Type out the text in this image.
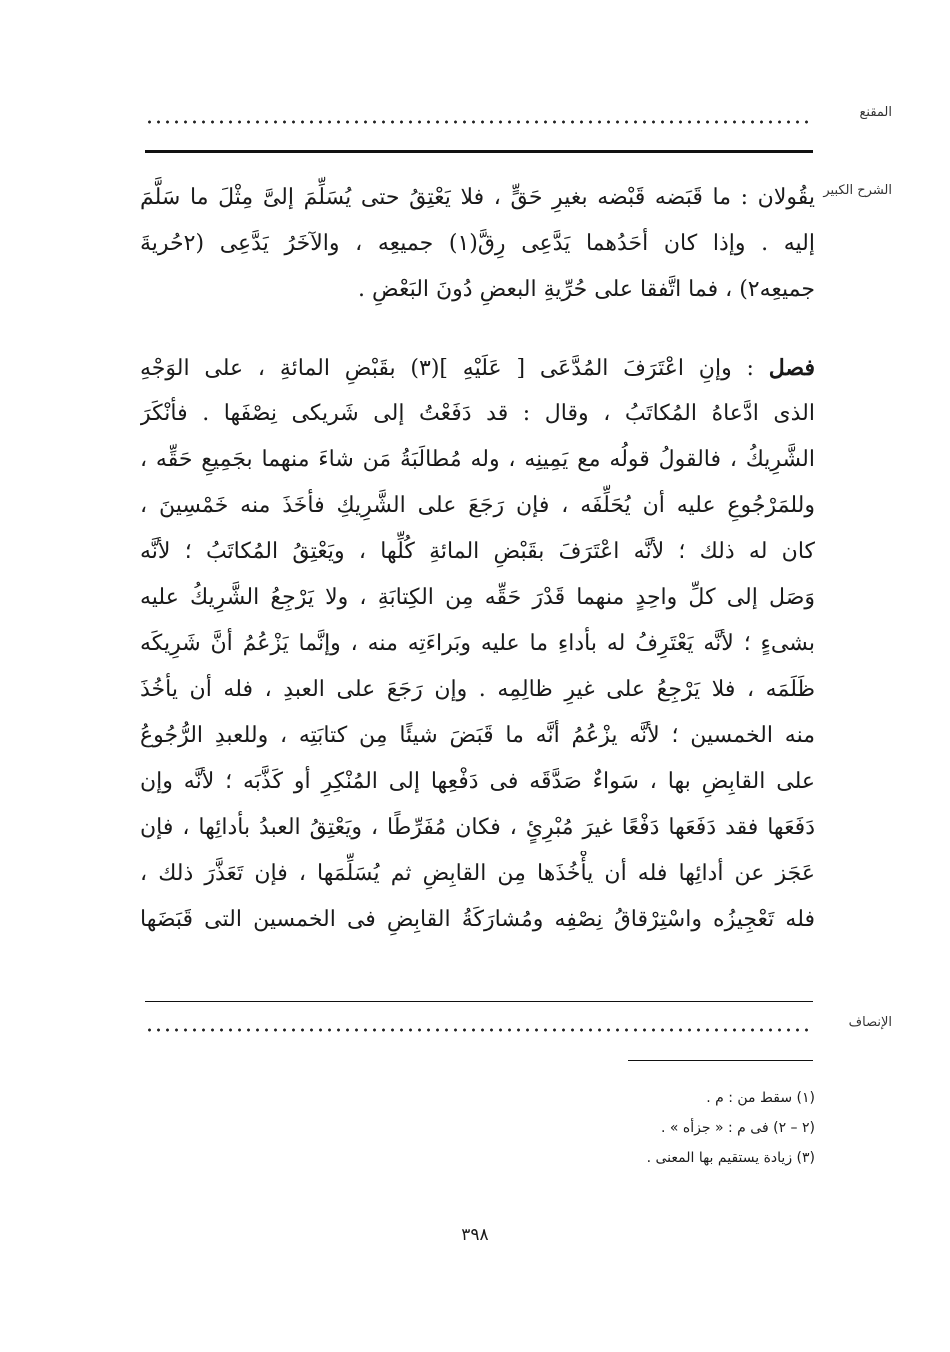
المقنع
الشرح الكبير
يقُولان : ما قَبَضه قَبْضه بغيرِ حَقٍّ ، فلا يَعْتِقُ حتى يُسَلِّمَ إلىَّ مِثْلَ ما سَلَّمَ
إليه . وإذا كان أحَدُهما يَدَّعِى رِقَّ(١) جميعِه ، والآخَرُ يَدَّعِى (٢حُريةَ
جميعِه٢) ، فما اتَّفقا على حُرِّيةِ البعضِ دُونَ البَعْضِ .
فصل : وإنِ اعْتَرَفَ المُدَّعَى [ عَلَيْهِ ](٣) بقَبْضِ المائةِ ، على الوَجْهِ
الذى ادَّعاهُ المُكاتَبُ ، وقال : قد دَفَعْتُ إلى شَريكى نِصْفَها . فأنْكَرَ
الشَّرِيكُ ، فالقولُ قولُه مع يَمِينِه ، وله مُطالَبَةُ مَن شاءَ منهما بجَمِيعِ حَقِّه ،
وللمَرْجُوعِ عليه أن يُحَلِّفَه ، فإن رَجَعَ على الشَّرِيكِ فأخَذَ منه خَمْسِينَ ،
كان له ذلك ؛ لأنَّه اعْتَرَفَ بقَبْضِ المائةِ كُلِّها ، ويَعْتِقُ المُكاتَبُ ؛ لأنَّه
وَصَل إلى كلِّ واحِدٍ منهما قَدْرَ حَقِّه مِن الكِتابَةِ ، ولا يَرْجِعُ الشَّرِيكُ عليه
بشىءٍ ؛ لأنَّه يَعْتَرِفُ له بأداءِ ما عليه وبَراءَتِه منه ، وإنَّما يَزْعُمُ أنَّ شَرِيكَه
ظَلَمَه ، فلا يَرْجِعُ على غيرِ ظالِمِه . وإن رَجَعَ على العبدِ ، فله أن يأخُذَ
منه الخمسين ؛ لأنَّه يزْعُمُ أنَّه ما قَبَضَ شيئًا مِن كتابَتِه ، وللعبدِ الرُّجُوعُ
على القابِضِ بها ، سَواءٌ صَدَّقَه فى دَفْعِها إلى المُنْكِرِ أو كَذَّبَه ؛ لأنَّه وإن
دَفَعَها فقد دَفَعَها دَفْعًا غيرَ مُبْرِئٍ ، فكان مُفَرِّطًا ، ويَعْتِقُ العبدُ بأدائِها ، فإن
عَجَز عن أدائِها فله أن يأْخُذَها مِن القابِضِ ثم يُسَلِّمَها ، فإن تَعَذَّرَ ذلك ،
فله تَعْجِيزُه واسْتِرْقاقُ نِصْفِه ومُشارَكَةُ القابِضِ فى الخمسين التى قَبَضَها
الإنصاف
(١) سقط من : م .
(٢ – ٢) فى م : « جزأه » .
(٣) زيادة يستقيم بها المعنى .
٣٩٨
